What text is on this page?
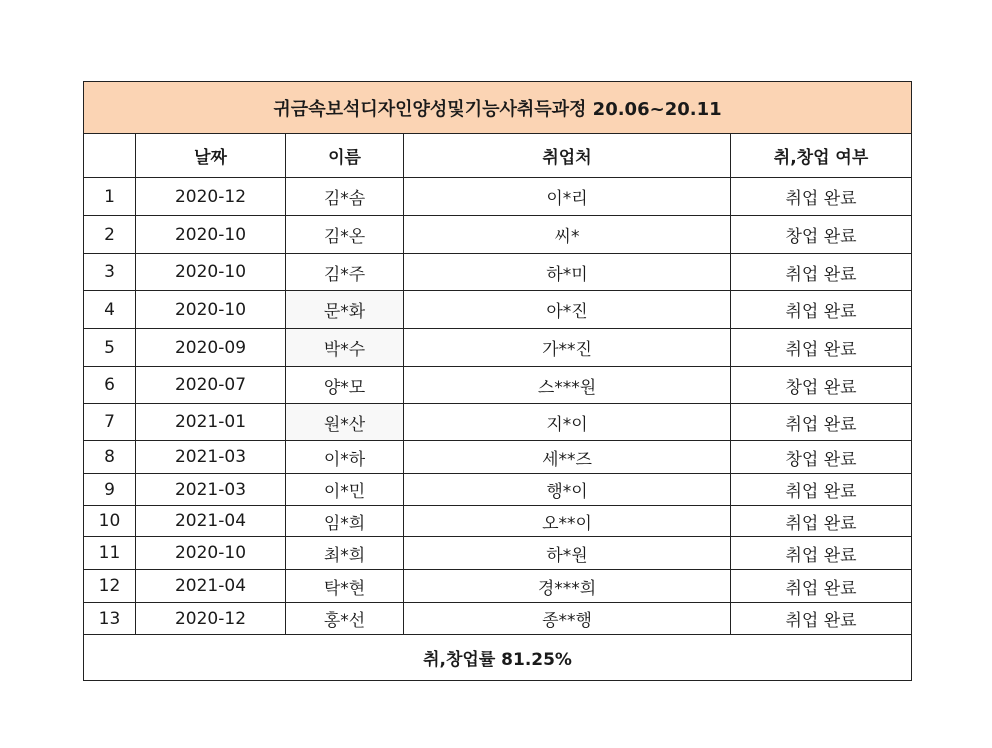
귀금속보석디자인양성및기능사취득과정 20.06~20.11				
	날짜	이름	취업처	취,창업 여부
1	2020-12	김*솜	이*리	취업 완료
2	2020-10	김*온	씨*	창업 완료
3	2020-10	김*주	하*미	취업 완료
4	2020-10	문*화	아*진	취업 완료
5	2020-09	박*수	가**진	취업 완료
6	2020-07	양*모	스***원	창업 완료
7	2021-01	원*산	지*이	취업 완료
8	2021-03	이*하	세**즈	창업 완료
9	2021-03	이*민	행*이	취업 완료
10	2021-04	임*희	오**이	취업 완료
11	2020-10	최*희	하*원	취업 완료
12	2021-04	탁*현	경***희	취업 완료
13	2020-12	홍*선	종**행	취업 완료
취,창업률 81.25%				
